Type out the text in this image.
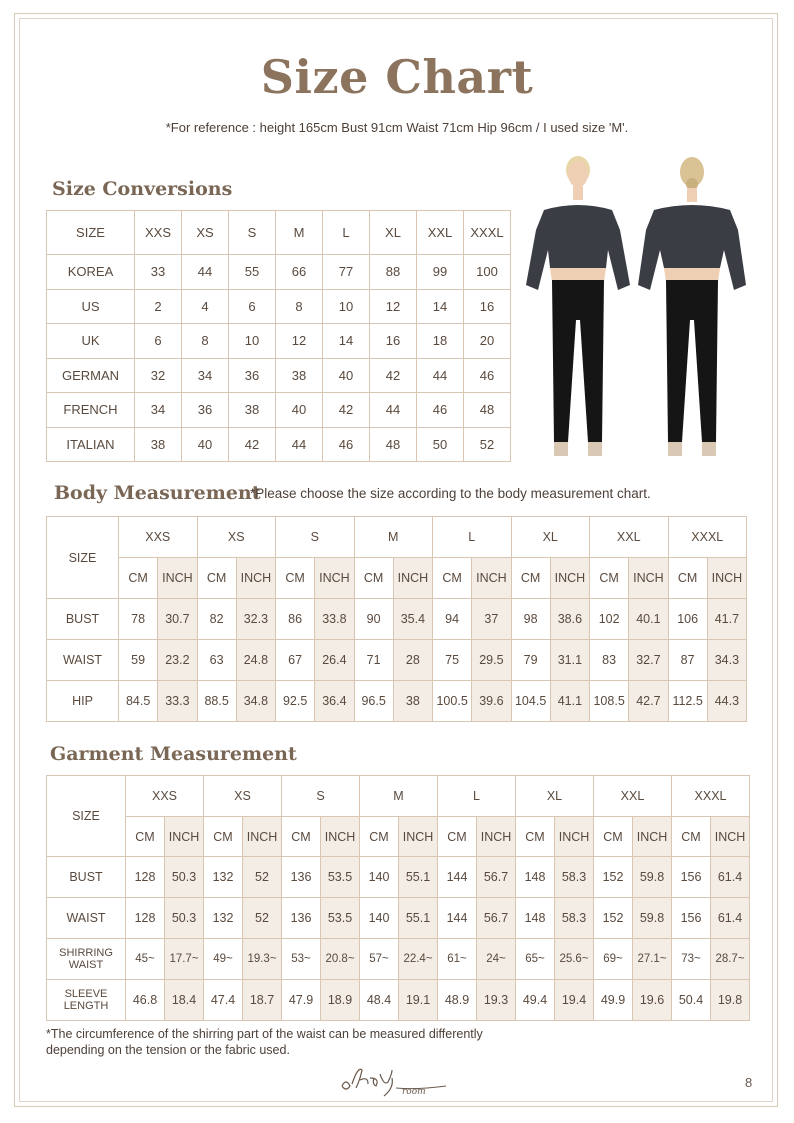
Size Chart
*For reference : height 165cm Bust 91cm Waist 71cm Hip 96cm / I used size 'M'.
Size Conversions
SIZE	XXS	XS	S	M	L	XL	XXL	XXXL
KOREA	33	44	55	66	77	88	99	100
US	2	4	6	8	10	12	14	16
UK	6	8	10	12	14	16	18	20
GERMAN	32	34	36	38	40	42	44	46
FRENCH	34	36	38	40	42	44	46	48
ITALIAN	38	40	42	44	46	48	50	52
Body Measurement
*Please choose the size according to the body measurement chart.
SIZE	XXS		XS		S		M		L		XL		XXL		XXXL	
	CM	INCH	CM	INCH	CM	INCH	CM	INCH	CM	INCH	CM	INCH	CM	INCH	CM	INCH
BUST	78	30.7	82	32.3	86	33.8	90	35.4	94	37	98	38.6	102	40.1	106	41.7
WAIST	59	23.2	63	24.8	67	26.4	71	28	75	29.5	79	31.1	83	32.7	87	34.3
HIP	84.5	33.3	88.5	34.8	92.5	36.4	96.5	38	100.5	39.6	104.5	41.1	108.5	42.7	112.5	44.3
Garment Measurement
SIZE	XXS		XS		S		M		L		XL		XXL		XXXL	
	CM	INCH	CM	INCH	CM	INCH	CM	INCH	CM	INCH	CM	INCH	CM	INCH	CM	INCH
BUST	128	50.3	132	52	136	53.5	140	55.1	144	56.7	148	58.3	152	59.8	156	61.4
WAIST	128	50.3	132	52	136	53.5	140	55.1	144	56.7	148	58.3	152	59.8	156	61.4

SHIRRING
WAIST	45~	17.7~	49~	19.3~	53~	20.8~	57~	22.4~	61~	24~	65~	25.6~	69~	27.1~	73~	28.7~

SLEEVE
LENGTH	46.8	18.4	47.4	18.7	47.9	18.9	48.4	19.1	48.9	19.3	49.4	19.4	49.9	19.6	50.4	19.8
*The circumference of the shirring part of the waist can be measured differently
depending on the tension or the fabric used.
room
8
